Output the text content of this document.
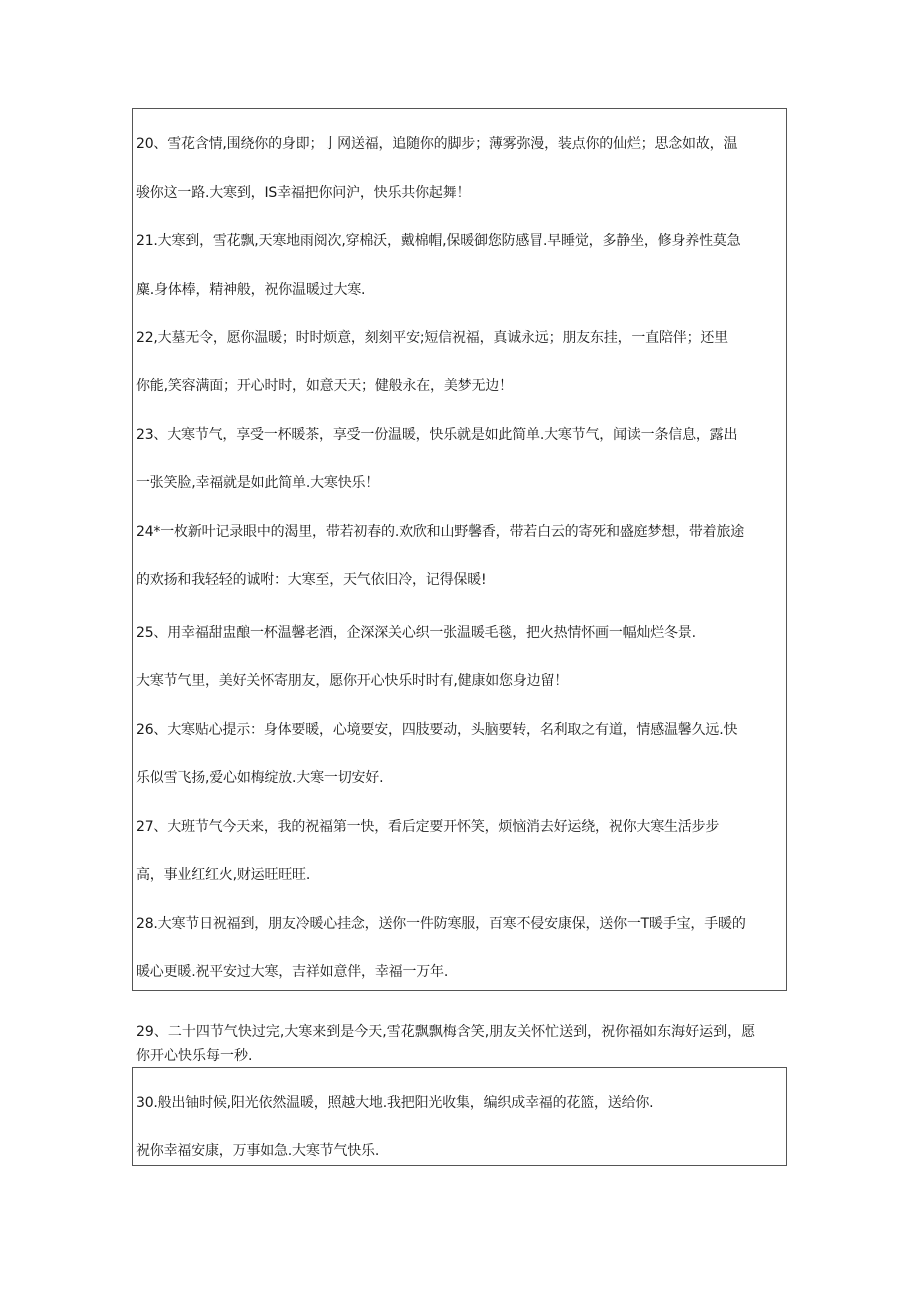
20、雪花含情,围绕你的身即；亅网送福，追随你的脚步；薄雾弥漫，装点你的仙烂；思念如故，温
骏你这一路.大寒到，IS幸福把你问沪，快乐共你起舞！
21.大寒到，雪花飘,天寒地雨阅次,穿棉沃，戴棉帽,保暖御您防感冒.早睡觉，多静坐，修身养性莫急
麋.身体棒，精神般，祝你温暖过大寒.
22,大墓无令，愿你温暖；时时烦意，刻刻平安;短信祝福，真诚永远；朋友东挂，一直陪伴；还里
你能,笑容满面；开心时时，如意天天；健般永在，美梦无边！
23、大寒节气，享受一杯暖茶，享受一份温暖，快乐就是如此简单.大寒节气，闻读一条信息，露出
一张笑脸,幸福就是如此简单.大寒快乐！
24*一枚新叶记录眼中的渴里，带若初春的.欢欣和山野馨香，带若白云的寄死和盛庭梦想，带着旅途
的欢扬和我轻轻的诚咐：大寒至，天气依旧冷，记得保暖!
25、用幸福甜盅酿一杯温馨老酒，企深深关心织一张温暖毛毯，把火热情怀画一幅灿烂冬景.
大寒节气里，美好关怀寄朋友，愿你开心快乐时时有,健康如您身边留！
26、大寒贴心提示：身体要暖，心境要安，四肢要动，头脑要转，名利取之有道，情感温馨久远.快
乐似雪飞扬,爱心如梅绽放.大寒一切安好.
27、大班节气今天来，我的祝福第一快，看后定要开怀笑，烦恼消去好运绕，祝你大寒生活步步
高，事业红红火,财运旺旺旺.
28.大寒节日祝福到，朋友冷暖心挂念，送你一件防寒服，百寒不侵安康保，送你一T暖手宝，手暖的
暖心更暖.祝平安过大寒，吉祥如意伴，幸福一万年.
29、二十四节气快过完,大寒来到是今天,雪花飘飘梅含笑,朋友关怀忙送到，祝你福如东海好运到，愿
你开心快乐每一秒.
30.般出铀时候,阳光依然温暖，照越大地.我把阳光收集，编织成幸福的花篮，送给你.
祝你幸福安康，万事如急.大寒节气快乐.
